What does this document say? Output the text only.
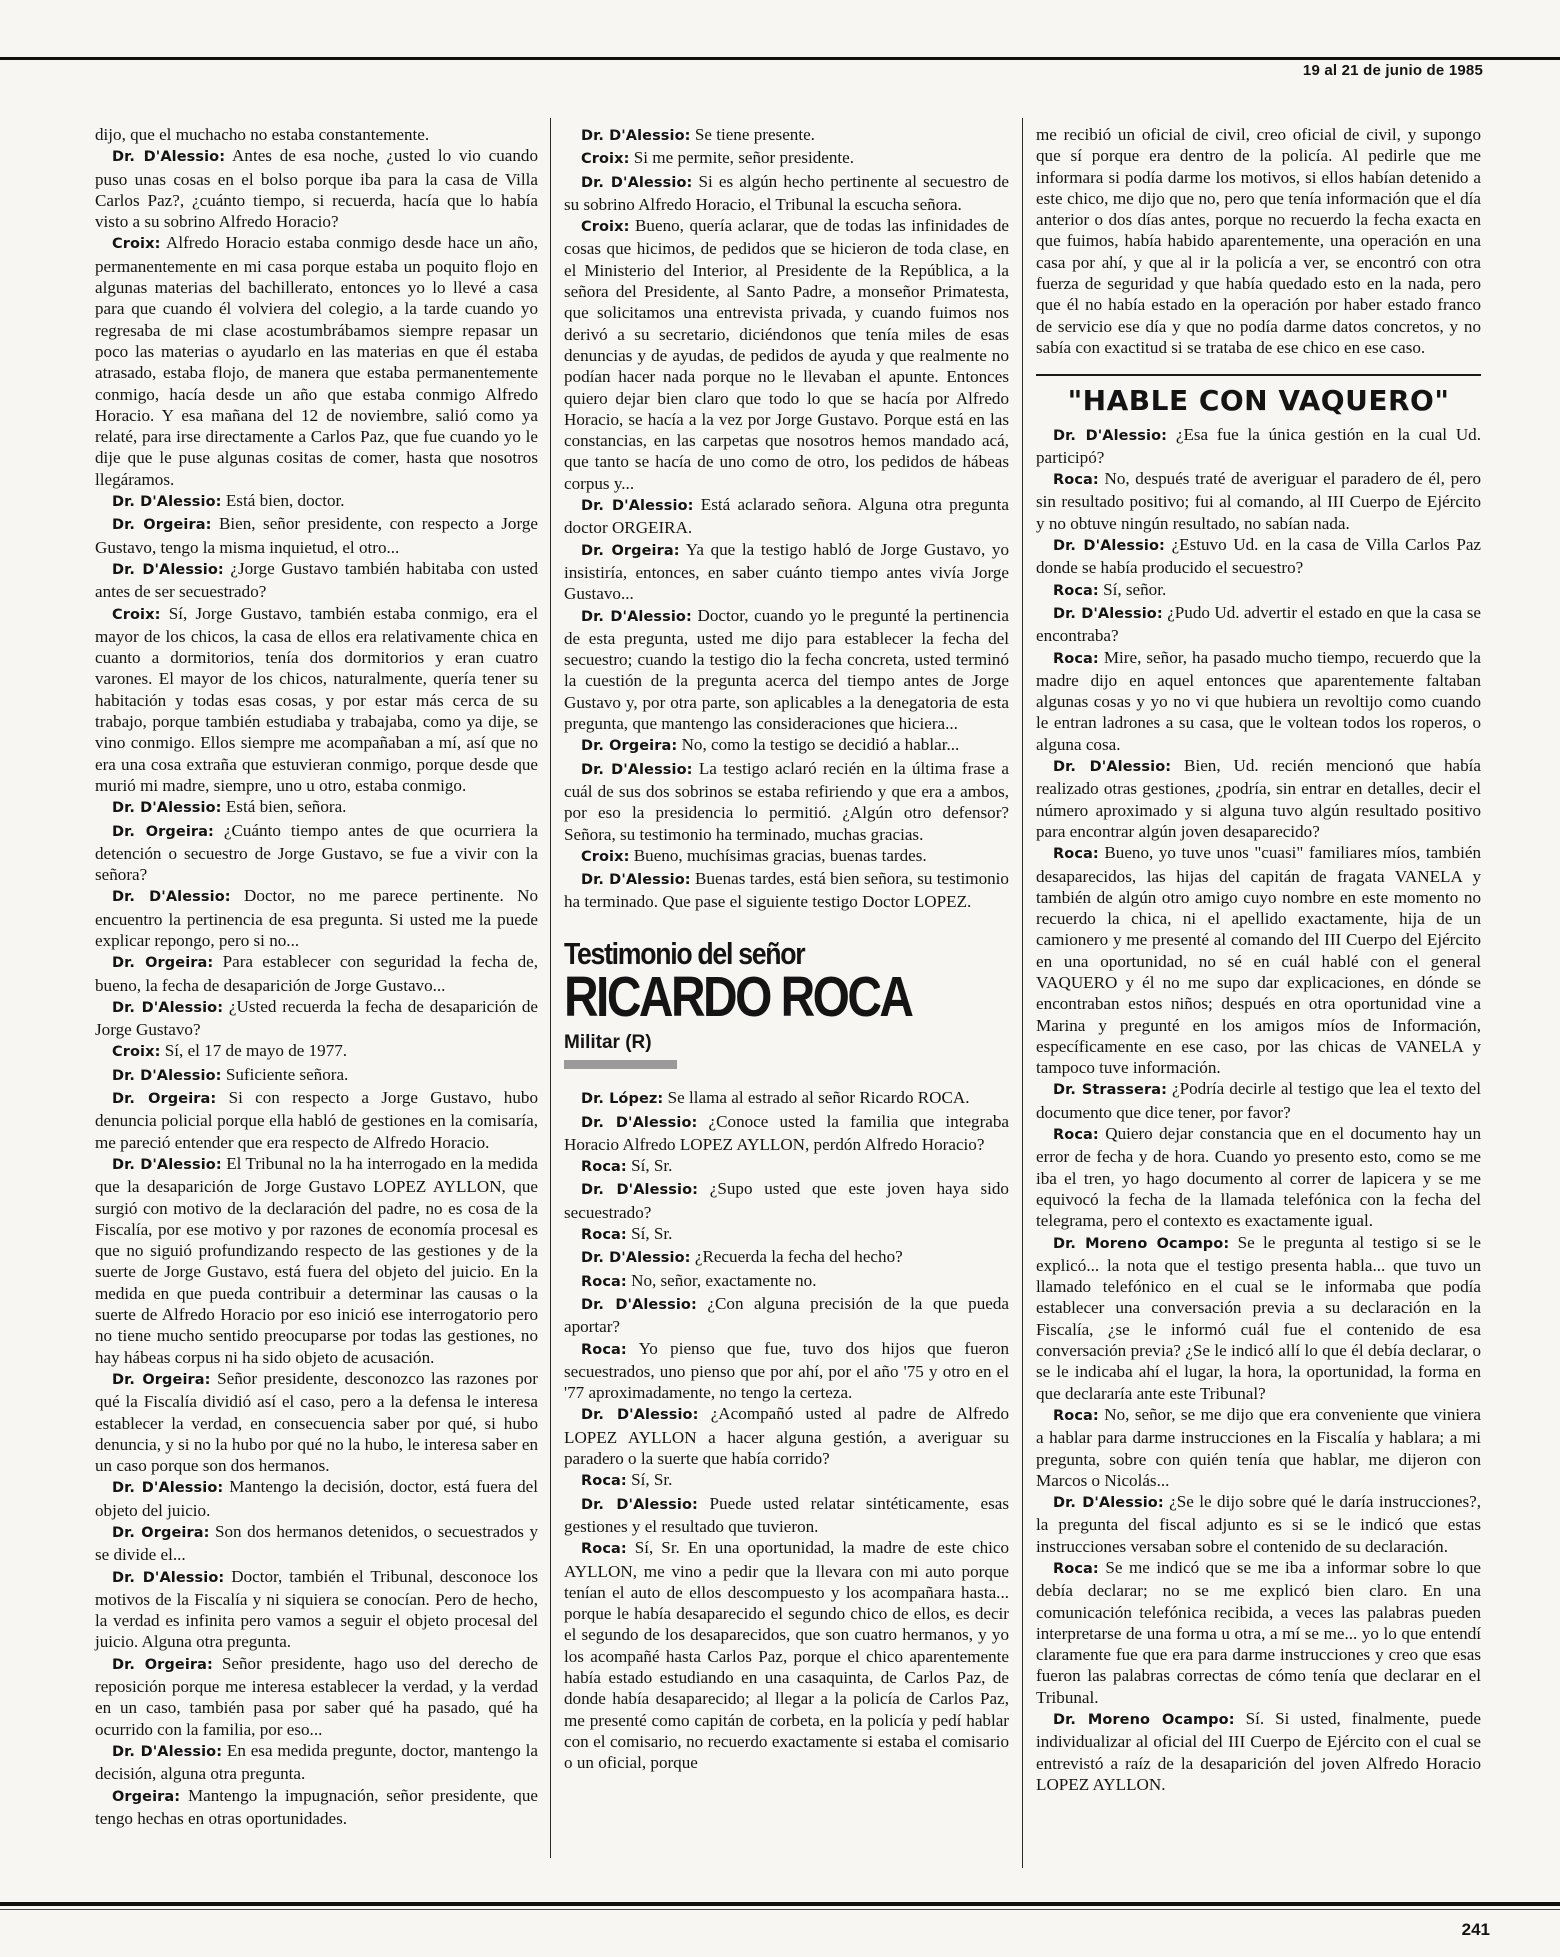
19 al 21 de junio de 1985

dijo, que el muchacho no estaba constantemente.

Dr. D'Alessio: Antes de esa noche, ¿usted lo vio cuando puso unas cosas en el bolso porque iba para la casa de Villa Carlos Paz?, ¿cuánto tiempo, si recuerda, hacía que lo había visto a su sobrino Alfredo Horacio?

Croix: Alfredo Horacio estaba conmigo desde hace un año, permanentemente en mi casa porque estaba un poquito flojo en algunas materias del bachillerato, entonces yo lo llevé a casa para que cuando él volviera del colegio, a la tarde cuando yo regresaba de mi clase acostumbrábamos siempre repasar un poco las materias o ayudarlo en las materias en que él estaba atrasado, estaba flojo, de manera que estaba permanentemente conmigo, hacía desde un año que estaba conmigo Alfredo Horacio. Y esa mañana del 12 de noviembre, salió como ya relaté, para irse directamente a Carlos Paz, que fue cuando yo le dije que le puse algunas cositas de comer, hasta que nosotros llegáramos.

Dr. D'Alessio: Está bien, doctor.

Dr. Orgeira: Bien, señor presidente, con respecto a Jorge Gustavo, tengo la misma inquietud, el otro...

Dr. D'Alessio: ¿Jorge Gustavo también habitaba con usted antes de ser secuestrado?

Croix: Sí, Jorge Gustavo, también estaba conmigo, era el mayor de los chicos, la casa de ellos era relativamente chica en cuanto a dormitorios, tenía dos dormitorios y eran cuatro varones. El mayor de los chicos, naturalmente, quería tener su habitación y todas esas cosas, y por estar más cerca de su trabajo, porque también estudiaba y trabajaba, como ya dije, se vino conmigo. Ellos siempre me acompañaban a mí, así que no era una cosa extraña que estuvieran conmigo, porque desde que murió mi madre, siempre, uno u otro, estaba conmigo.

Dr. D'Alessio: Está bien, señora.

Dr. Orgeira: ¿Cuánto tiempo antes de que ocurriera la detención o secuestro de Jorge Gustavo, se fue a vivir con la señora?

Dr. D'Alessio: Doctor, no me parece pertinente. No encuentro la pertinencia de esa pregunta. Si usted me la puede explicar repongo, pero si no...

Dr. Orgeira: Para establecer con seguridad la fecha de, bueno, la fecha de desaparición de Jorge Gustavo...

Dr. D'Alessio: ¿Usted recuerda la fecha de desaparición de Jorge Gustavo?

Croix: Sí, el 17 de mayo de 1977.

Dr. D'Alessio: Suficiente señora.

Dr. Orgeira: Si con respecto a Jorge Gustavo, hubo denuncia policial porque ella habló de gestiones en la comisaría, me pareció entender que era respecto de Alfredo Horacio.

Dr. D'Alessio: El Tribunal no la ha interrogado en la medida que la desaparición de Jorge Gustavo LOPEZ AYLLON, que surgió con motivo de la declaración del padre, no es cosa de la Fiscalía, por ese motivo y por razones de economía procesal es que no siguió profundizando respecto de las gestiones y de la suerte de Jorge Gustavo, está fuera del objeto del juicio. En la medida en que pueda contribuir a determinar las causas o la suerte de Alfredo Horacio por eso inició ese interrogatorio pero no tiene mucho sentido preocuparse por todas las gestiones, no hay hábeas corpus ni ha sido objeto de acusación.

Dr. Orgeira: Señor presidente, desconozco las razones por qué la Fiscalía dividió así el caso, pero a la defensa le interesa establecer la verdad, en consecuencia saber por qué, si hubo denuncia, y si no la hubo por qué no la hubo, le interesa saber en un caso porque son dos hermanos.

Dr. D'Alessio: Mantengo la decisión, doctor, está fuera del objeto del juicio.

Dr. Orgeira: Son dos hermanos detenidos, o secuestrados y se divide el...

Dr. D'Alessio: Doctor, también el Tribunal, desconoce los motivos de la Fiscalía y ni siquiera se conocían. Pero de hecho, la verdad es infinita pero vamos a seguir el objeto procesal del juicio. Alguna otra pregunta.

Dr. Orgeira: Señor presidente, hago uso del derecho de reposición porque me interesa establecer la verdad, y la verdad en un caso, también pasa por saber qué ha pasado, qué ha ocurrido con la familia, por eso...

Dr. D'Alessio: En esa medida pregunte, doctor, mantengo la decisión, alguna otra pregunta.

Orgeira: Mantengo la impugnación, señor presidente, que tengo hechas en otras oportunidades.

Dr. D'Alessio: Se tiene presente.

Croix: Si me permite, señor presidente.

Dr. D'Alessio: Si es algún hecho pertinente al secuestro de su sobrino Alfredo Horacio, el Tribunal la escucha señora.

Croix: Bueno, quería aclarar, que de todas las infinidades de cosas que hicimos, de pedidos que se hicieron de toda clase, en el Ministerio del Interior, al Presidente de la República, a la señora del Presidente, al Santo Padre, a monseñor Primatesta, que solicitamos una entrevista privada, y cuando fuimos nos derivó a su secretario, diciéndonos que tenía miles de esas denuncias y de ayudas, de pedidos de ayuda y que realmente no podían hacer nada porque no le llevaban el apunte. Entonces quiero dejar bien claro que todo lo que se hacía por Alfredo Horacio, se hacía a la vez por Jorge Gustavo. Porque está en las constancias, en las carpetas que nosotros hemos mandado acá, que tanto se hacía de uno como de otro, los pedidos de hábeas corpus y...

Dr. D'Alessio: Está aclarado señora. Alguna otra pregunta doctor ORGEIRA.

Dr. Orgeira: Ya que la testigo habló de Jorge Gustavo, yo insistiría, entonces, en saber cuánto tiempo antes vivía Jorge Gustavo...

Dr. D'Alessio: Doctor, cuando yo le pregunté la pertinencia de esta pregunta, usted me dijo para establecer la fecha del secuestro; cuando la testigo dio la fecha concreta, usted terminó la cuestión de la pregunta acerca del tiempo antes de Jorge Gustavo y, por otra parte, son aplicables a la denegatoria de esta pregunta, que mantengo las consideraciones que hiciera...

Dr. Orgeira: No, como la testigo se decidió a hablar...

Dr. D'Alessio: La testigo aclaró recién en la última frase a cuál de sus dos sobrinos se estaba refiriendo y que era a ambos, por eso la presidencia lo permitió. ¿Algún otro defensor? Señora, su testimonio ha terminado, muchas gracias.

Croix: Bueno, muchísimas gracias, buenas tardes.

Dr. D'Alessio: Buenas tardes, está bien señora, su testimonio ha terminado. Que pase el siguiente testigo Doctor LOPEZ.

Testimonio del señor
RICARDO ROCA
Militar (R)

Dr. López: Se llama al estrado al señor Ricardo ROCA.

Dr. D'Alessio: ¿Conoce usted la familia que integraba Horacio Alfredo LOPEZ AYLLON, perdón Alfredo Horacio?

Roca: Sí, Sr.

Dr. D'Alessio: ¿Supo usted que este joven haya sido secuestrado?

Roca: Sí, Sr.

Dr. D'Alessio: ¿Recuerda la fecha del hecho?

Roca: No, señor, exactamente no.

Dr. D'Alessio: ¿Con alguna precisión de la que pueda aportar?

Roca: Yo pienso que fue, tuvo dos hijos que fueron secuestrados, uno pienso que por ahí, por el año '75 y otro en el '77 aproximadamente, no tengo la certeza.

Dr. D'Alessio: ¿Acompañó usted al padre de Alfredo LOPEZ AYLLON a hacer alguna gestión, a averiguar su paradero o la suerte que había corrido?

Roca: Sí, Sr.

Dr. D'Alessio: Puede usted relatar sintéticamente, esas gestiones y el resultado que tuvieron.

Roca: Sí, Sr. En una oportunidad, la madre de este chico AYLLON, me vino a pedir que la llevara con mi auto porque tenían el auto de ellos descompuesto y los acompañara hasta... porque le había desaparecido el segundo chico de ellos, es decir el segundo de los desaparecidos, que son cuatro hermanos, y yo los acompañé hasta Carlos Paz, porque el chico aparentemente había estado estudiando en una casaquinta, de Carlos Paz, de donde había desaparecido; al llegar a la policía de Carlos Paz, me presenté como capitán de corbeta, en la policía y pedí hablar con el comisario, no recuerdo exactamente si estaba el comisario o un oficial, porque

me recibió un oficial de civil, creo oficial de civil, y supongo que sí porque era dentro de la policía. Al pedirle que me informara si podía darme los motivos, si ellos habían detenido a este chico, me dijo que no, pero que tenía información que el día anterior o dos días antes, porque no recuerdo la fecha exacta en que fuimos, había habido aparentemente, una operación en una casa por ahí, y que al ir la policía a ver, se encontró con otra fuerza de seguridad y que había quedado esto en la nada, pero que él no había estado en la operación por haber estado franco de servicio ese día y que no podía darme datos concretos, y no sabía con exactitud si se trataba de ese chico en ese caso.

"HABLE CON VAQUERO"

Dr. D'Alessio: ¿Esa fue la única gestión en la cual Ud. participó?

Roca: No, después traté de averiguar el paradero de él, pero sin resultado positivo; fui al comando, al III Cuerpo de Ejército y no obtuve ningún resultado, no sabían nada.

Dr. D'Alessio: ¿Estuvo Ud. en la casa de Villa Carlos Paz donde se había producido el secuestro?

Roca: Sí, señor.

Dr. D'Alessio: ¿Pudo Ud. advertir el estado en que la casa se encontraba?

Roca: Mire, señor, ha pasado mucho tiempo, recuerdo que la madre dijo en aquel entonces que aparentemente faltaban algunas cosas y yo no vi que hubiera un revoltijo como cuando le entran ladrones a su casa, que le voltean todos los roperos, o alguna cosa.

Dr. D'Alessio: Bien, Ud. recién mencionó que había realizado otras gestiones, ¿podría, sin entrar en detalles, decir el número aproximado y si alguna tuvo algún resultado positivo para encontrar algún joven desaparecido?

Roca: Bueno, yo tuve unos "cuasi" familiares míos, también desaparecidos, las hijas del capitán de fragata VANELA y también de algún otro amigo cuyo nombre en este momento no recuerdo la chica, ni el apellido exactamente, hija de un camionero y me presenté al comando del III Cuerpo del Ejército en una oportunidad, no sé en cuál hablé con el general VAQUERO y él no me supo dar explicaciones, en dónde se encontraban estos niños; después en otra oportunidad vine a Marina y pregunté en los amigos míos de Información, específicamente en ese caso, por las chicas de VANELA y tampoco tuve información.

Dr. Strassera: ¿Podría decirle al testigo que lea el texto del documento que dice tener, por favor?

Roca: Quiero dejar constancia que en el documento hay un error de fecha y de hora. Cuando yo presento esto, como se me iba el tren, yo hago documento al correr de lapicera y se me equivocó la fecha de la llamada telefónica con la fecha del telegrama, pero el contexto es exactamente igual.

Dr. Moreno Ocampo: Se le pregunta al testigo si se le explicó... la nota que el testigo presenta habla... que tuvo un llamado telefónico en el cual se le informaba que podía establecer una conversación previa a su declaración en la Fiscalía, ¿se le informó cuál fue el contenido de esa conversación previa? ¿Se le indicó allí lo que él debía declarar, o se le indicaba ahí el lugar, la hora, la oportunidad, la forma en que declararía ante este Tribunal?

Roca: No, señor, se me dijo que era conveniente que viniera a hablar para darme instrucciones en la Fiscalía y hablara; a mi pregunta, sobre con quién tenía que hablar, me dijeron con Marcos o Nicolás...

Dr. D'Alessio: ¿Se le dijo sobre qué le daría instrucciones?, la pregunta del fiscal adjunto es si se le indicó que estas instrucciones versaban sobre el contenido de su declaración.

Roca: Se me indicó que se me iba a informar sobre lo que debía declarar; no se me explicó bien claro. En una comunicación telefónica recibida, a veces las palabras pueden interpretarse de una forma u otra, a mí se me... yo lo que entendí claramente fue que era para darme instrucciones y creo que esas fueron las palabras correctas de cómo tenía que declarar en el Tribunal.

Dr. Moreno Ocampo: Sí. Si usted, finalmente, puede individualizar al oficial del III Cuerpo de Ejército con el cual se entrevistó a raíz de la desaparición del joven Alfredo Horacio LOPEZ AYLLON.

241
